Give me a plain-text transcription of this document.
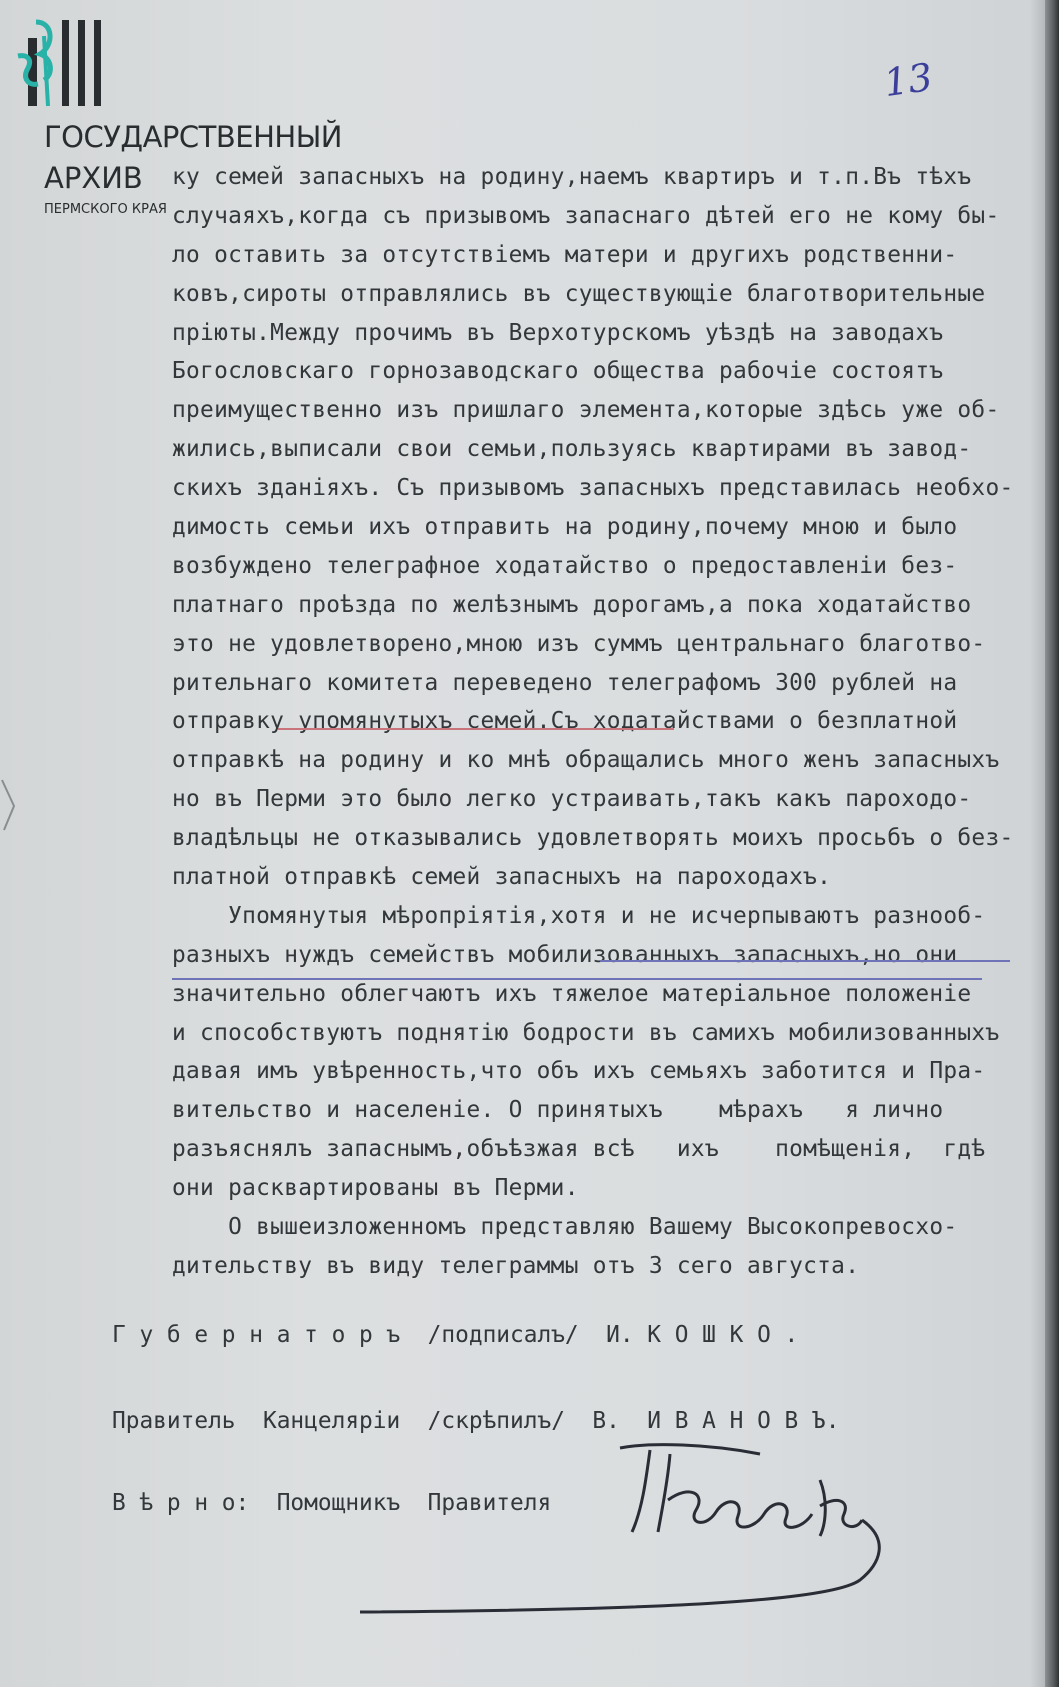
ГОСУДАРСТВЕННЫЙ
АРХИВ
ПЕРМСКОГО КРАЯ
13
ку семей запасныхъ на родину,наемъ квартиръ и т.п.Въ тѣхъ
случаяхъ,когда съ призывомъ запаснаго дѣтей его не кому бы-
ло оставить за отсутствіемъ матери и другихъ родственни-
ковъ,сироты отправлялись въ существующіе благотворительные
пріюты.Между прочимъ въ Верхотурскомъ уѣздѣ на заводахъ
Богословскаго горнозаводскаго общества рабочіе состоятъ
преимущественно изъ пришлаго элемента,которые здѣсь уже об-
жились,выписали свои семьи,пользуясь квартирами въ завод-
скихъ зданіяхъ. Съ призывомъ запасныхъ представилась необхо-
димость семьи ихъ отправить на родину,почему мною и было
возбуждено телеграфное ходатайство о предоставленіи без-
платнаго проѣзда по желѣзнымъ дорогамъ,а пока ходатайство
это не удовлетворено,мною изъ суммъ центральнаго благотво-
рительнаго комитета переведено телеграфомъ 300 рублей на
отправку упомянутыхъ семей.Съ ходатайствами о безплатной
отправкѣ на родину и ко мнѣ обращались много женъ запасныхъ
но въ Перми это было легко устраивать,такъ какъ пароходо-
владѣльцы не отказывались удовлетворять моихъ просьбъ о без-
платной отправкѣ семей запасныхъ на пароходахъ.
Упомянутыя мѣропріятія,хотя и не исчерпываютъ разнооб-
разныхъ нуждъ семействъ мобилизованныхъ запасныхъ,но они
значительно облегчаютъ ихъ тяжелое матеріальное положеніе
и способствуютъ поднятію бодрости въ самихъ мобилизованныхъ
давая имъ увѣренность,что объ ихъ семьяхъ заботится и Пра-
вительство и населеніе. О принятыхъ    мѣрахъ   я лично
разъяснялъ запаснымъ,объѣзжая всѣ   ихъ    помѣщенія,  гдѣ
они расквартированы въ Перми.
О вышеизложенномъ представляю Вашему Высокопревосхо-
дительству въ виду телеграммы отъ 3 сего августа.
Г у б е р н а т о р ъ  /подписалъ/  И. К О Ш К О .
Правитель  Канцеляріи  /скрѣпилъ/  В.  И В А Н О В Ъ.
В ѣ р н о:  Помощникъ  Правителя
